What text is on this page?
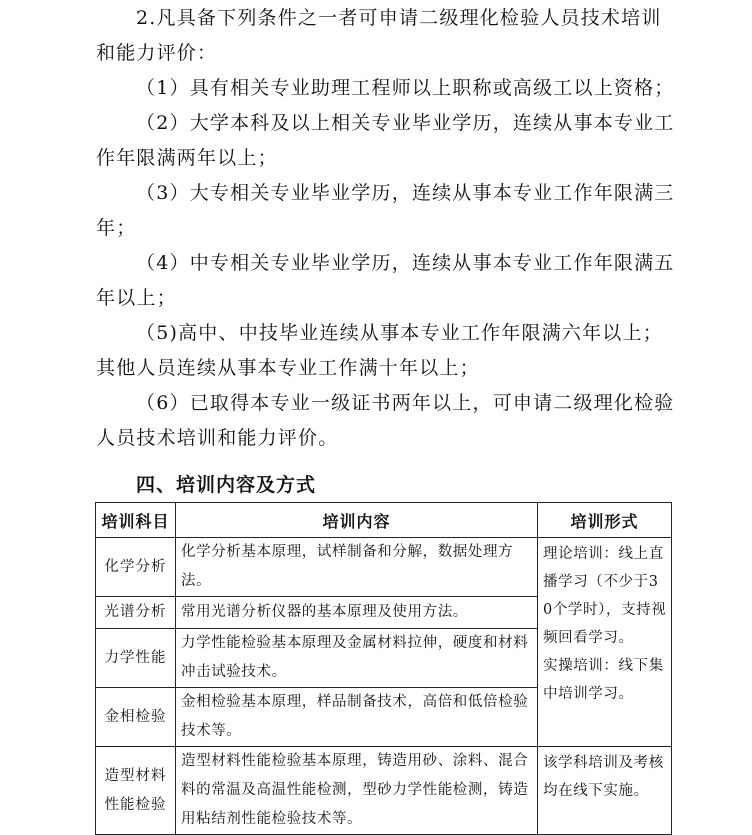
2.凡具备下列条件之一者可申请二级理化检验人员技术培训和能力评价：

（1）具有相关专业助理工程师以上职称或高级工以上资格；

（2）大学本科及以上相关专业毕业学历，连续从事本专业工作年限满两年以上；

（3）大专相关专业毕业学历，连续从事本专业工作年限满三年；

（4）中专相关专业毕业学历，连续从事本专业工作年限满五年以上；

（5)高中、中技毕业连续从事本专业工作年限满六年以上；

其他人员连续从事本专业工作满十年以上；

（6）已取得本专业一级证书两年以上，可申请二级理化检验人员技术培训和能力评价。

四、培训内容及方式
培训科目	培训内容	培训形式
化学分析	化学分析基本原理，试样制备和分解，数据处理方法。	理论培训：线上直播学习（不少于30个学时），支持视频回看学习。

实操培训：线下集中培训学习。

光谱分析	常用光谱分析仪器的基本原理及使用方法。	
力学性能	力学性能检验基本原理及金属材料拉伸，硬度和材料冲击试验技术。	
金相检验	金相检验基本原理，样品制备技术，高倍和低倍检验技术等。	
造型材料性能检验	造型材料性能检验基本原理，铸造用砂、涂料、混合料的常温及高温性能检测，型砂力学性能检测，铸造用粘结剂性能检验技术等。	该学科培训及考核均在线下实施。
